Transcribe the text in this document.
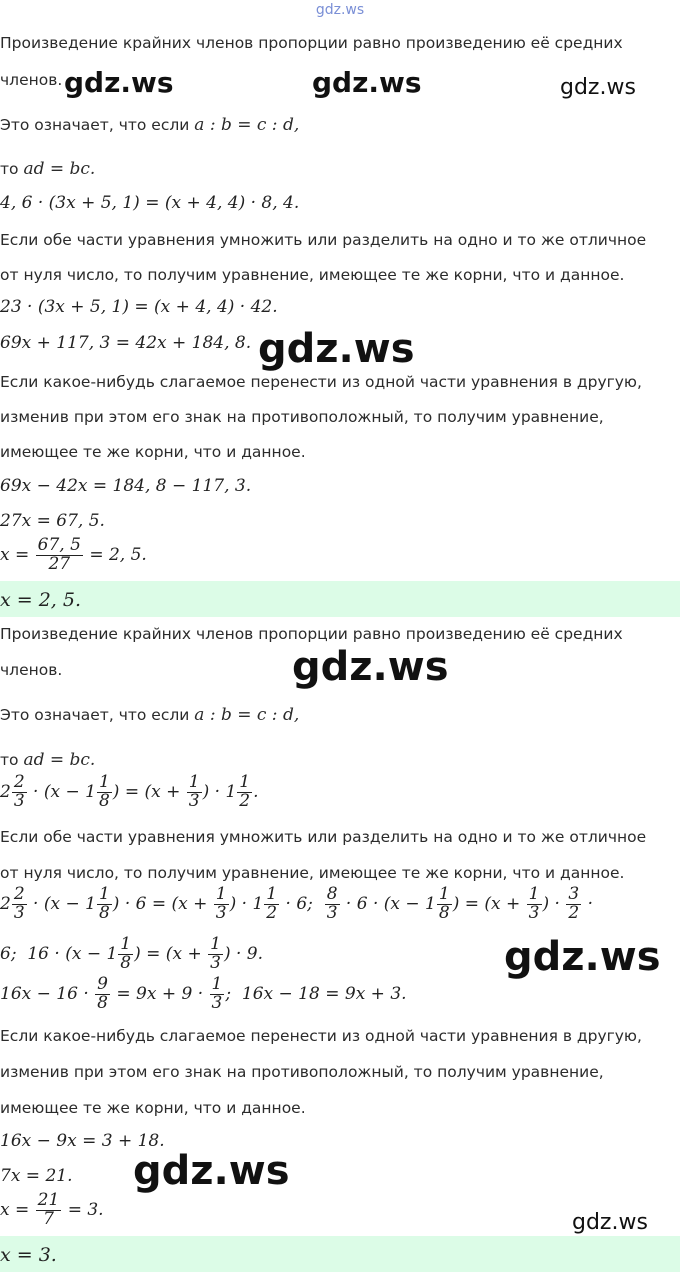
gdz.ws
Произведение крайних членов пропорции равно произведению её средних
членов.
Это означает, что если a : b = c : d,
то ad = bc.
4, 6 · (3x + 5, 1) = (x + 4, 4) · 8, 4.
Если обе части уравнения умножить или разделить на одно и то же отличное
от нуля число, то получим уравнение, имеющее те же корни, что и данное.
23 · (3x + 5, 1) = (x + 4, 4) · 42.
69x + 117, 3 = 42x + 184, 8.
Если какое-нибудь слагаемое перенести из одной части уравнения в другую,
изменив при этом его знак на противоположный, то получим уравнение,
имеющее те же корни, что и данное.
69x − 42x = 184, 8 − 117, 3.
27x = 67, 5.
$x = \frac{67, 5}{27} = 2$, 5.
x = 2, 5.
Произведение крайних членов пропорции равно произведению её средних
членов.
Это означает, что если a : b = c : d,
то ad = bc.
$2 \frac{2}{3} \cdot (x - 1 \frac{1}{8}$ ) = ($x + \frac{1}{3}$ ) · $1 \frac{1}{2}$ .
Если обе части уравнения умножить или разделить на одно и то же отличное
от нуля число, то получим уравнение, имеющее те же корни, что и данное.
$2 \frac{2}{3} \cdot (x - 1 \frac{1}{8}$ ) · $6 = (x + \frac{1}{3}$ ) · $1 \frac{1}{2} \cdot 6$; $\frac{8}{3} \cdot 6 \cdot (x - 1 \frac{1}{8}$ ) = ($x + \frac{1}{3}$ ) · $\frac{3}{2}$ ·
6;  $16 \cdot (x - 1 \frac{1}{8}$ ) = ($x + \frac{1}{3}$ ) · 9.
$16x - 16 \cdot \frac{9}{8} = 9x + 9 \cdot \frac{1}{3}$ ;  16x − 18 = 9x + 3.
Если какое-нибудь слагаемое перенести из одной части уравнения в другую,
изменив при этом его знак на противоположный, то получим уравнение,
имеющее те же корни, что и данное.
16x − 9x = 3 + 18.
7x = 21.
$x = \frac{21}{7} = 3$.
x = 3.
gdz.ws	gdz.ws	gdz.ws
gdz.ws
gdz.ws
gdz.ws
gdz.ws
gdz.ws
